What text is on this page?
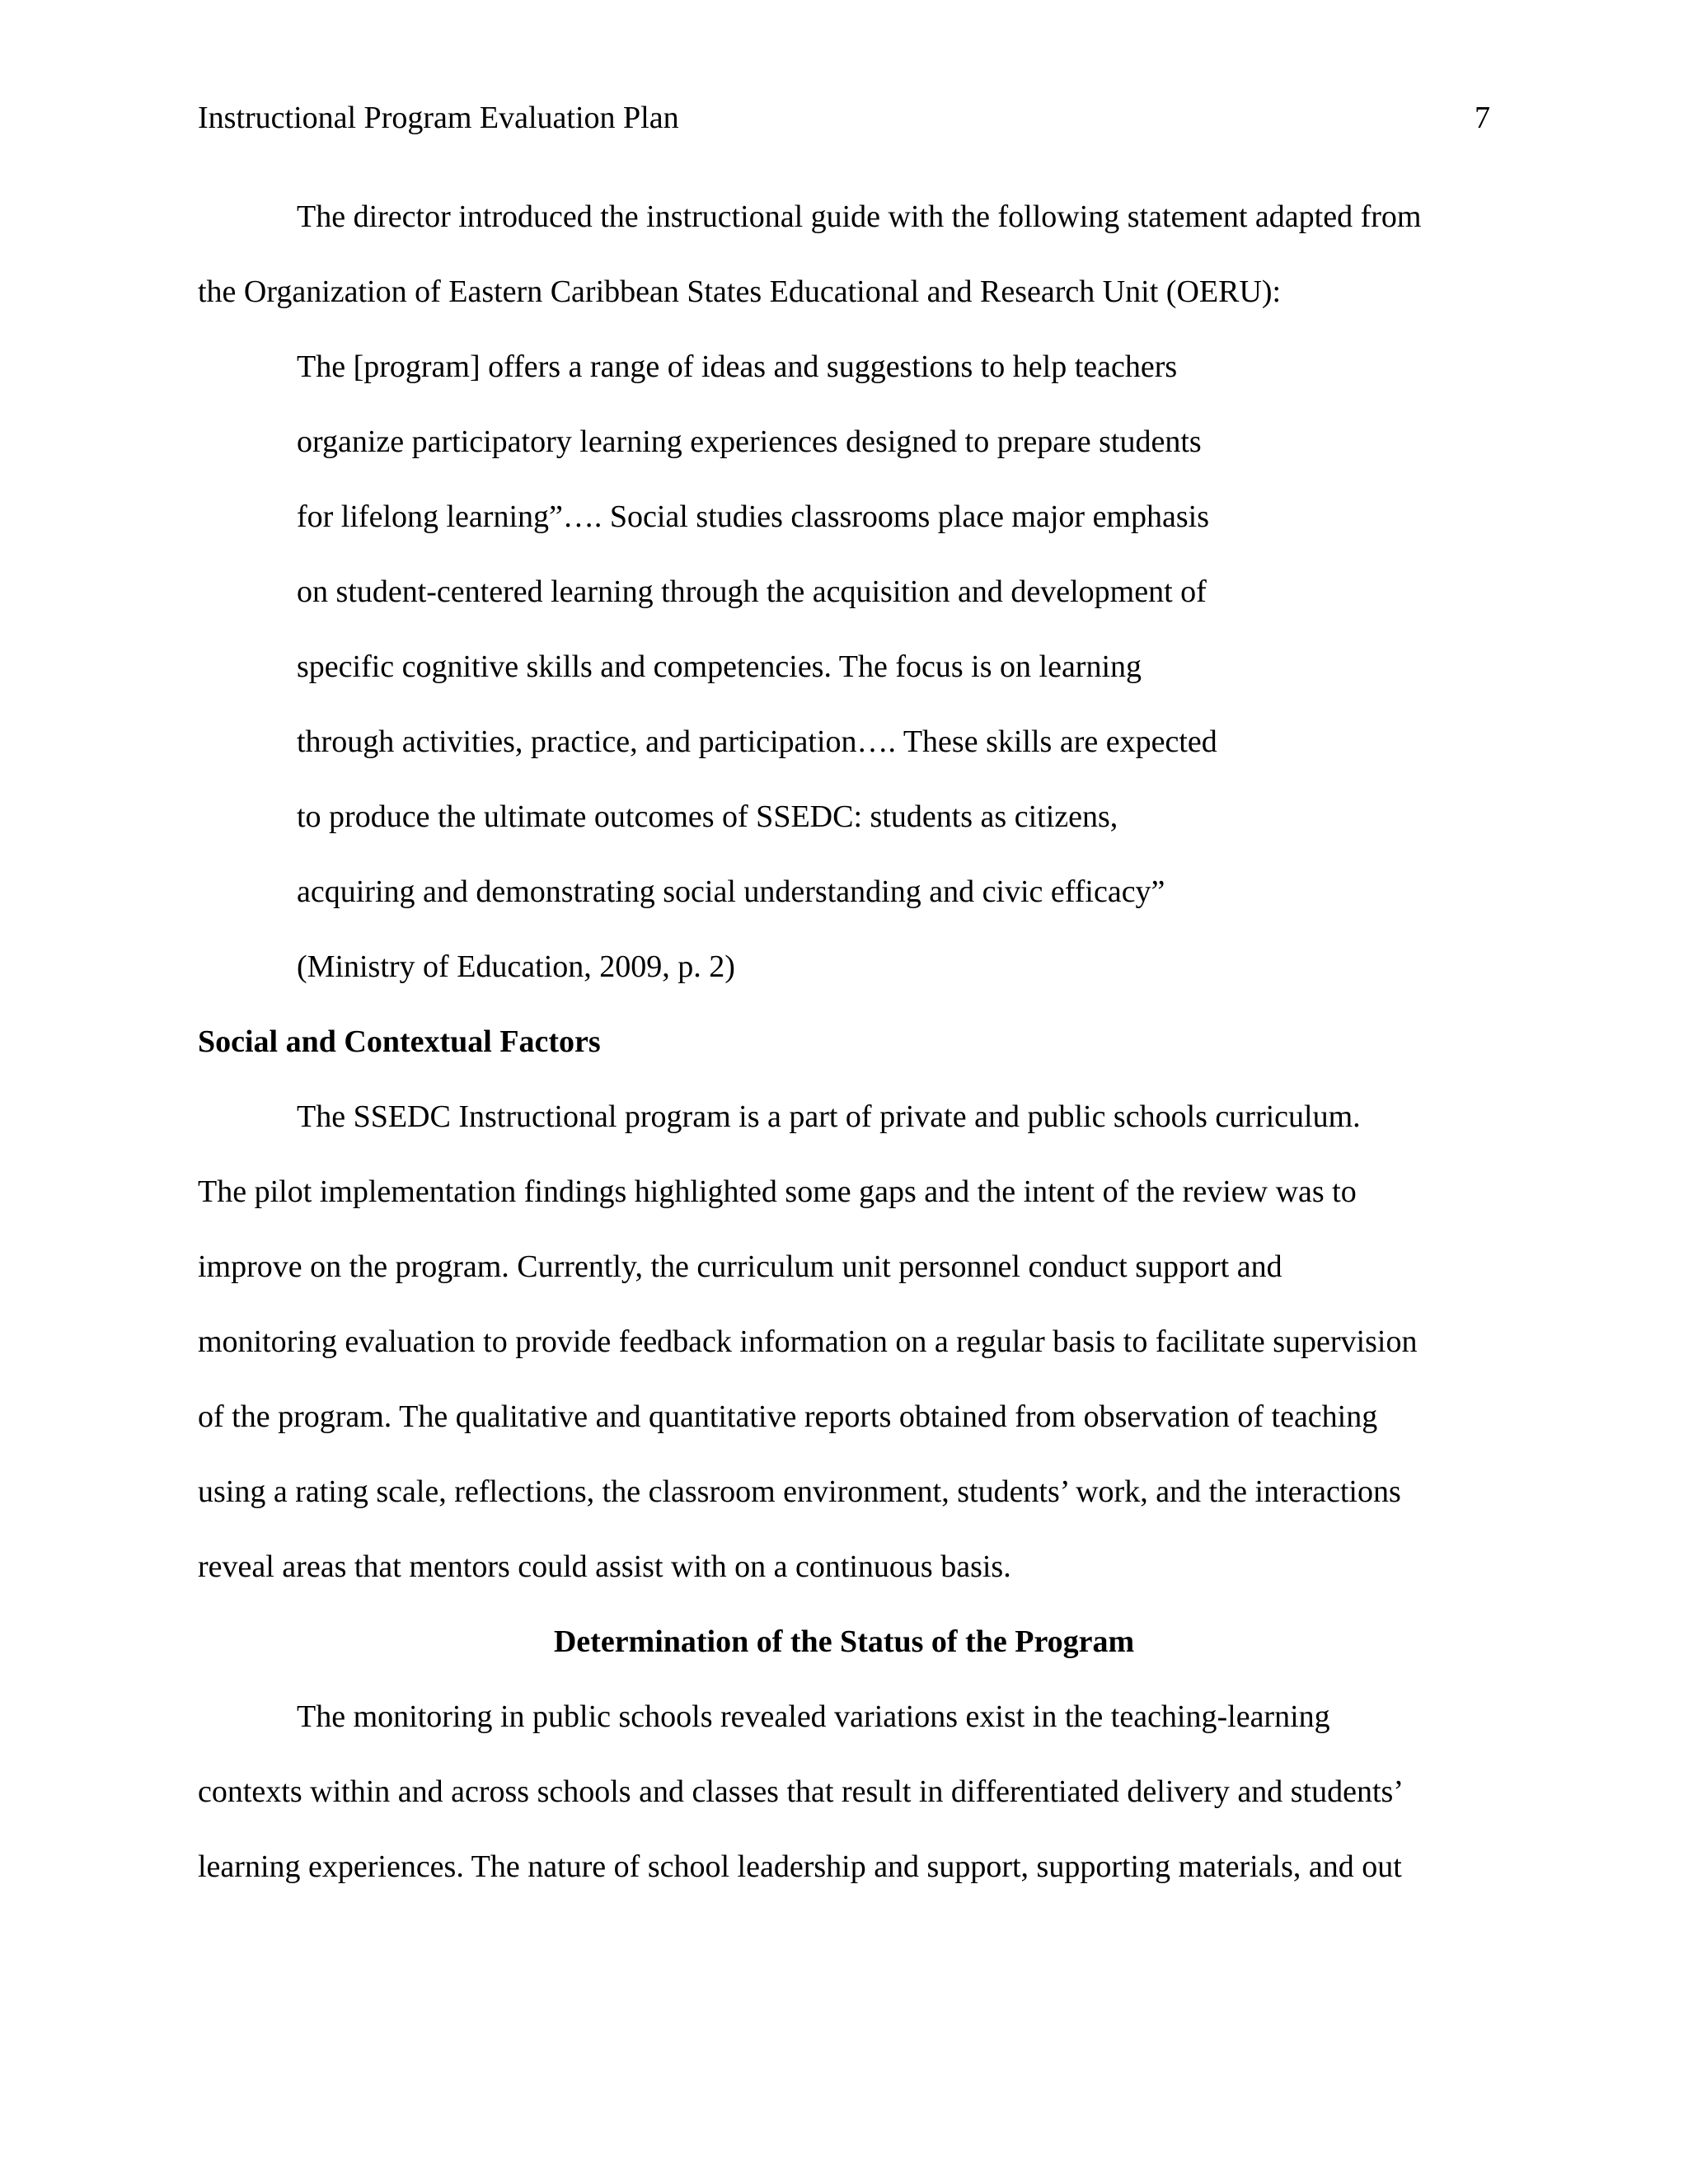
Instructional Program Evaluation Plan	7
The director introduced the instructional guide with the following statement adapted from
the Organization of Eastern Caribbean States Educational and Research Unit (OERU):
The [program] offers a range of ideas and suggestions to help teachers
organize participatory learning experiences designed to prepare students
for lifelong learning”…. Social studies classrooms place major emphasis
on student-centered learning through the acquisition and development of
specific cognitive skills and competencies. The focus is on learning
through activities, practice, and participation…. These skills are expected
to produce the ultimate outcomes of SSEDC: students as citizens,
acquiring and demonstrating social understanding and civic efficacy”
(Ministry of Education, 2009, p. 2)
Social and Contextual Factors
The SSEDC Instructional program is a part of private and public schools curriculum.
The pilot implementation findings highlighted some gaps and the intent of the review was to
improve on the program. Currently, the curriculum unit personnel conduct support and
monitoring evaluation to provide feedback information on a regular basis to facilitate supervision
of the program. The qualitative and quantitative reports obtained from observation of teaching
using a rating scale, reflections, the classroom environment, students’ work, and the interactions
reveal areas that mentors could assist with on a continuous basis.
Determination of the Status of the Program
The monitoring in public schools revealed variations exist in the teaching-learning
contexts within and across schools and classes that result in differentiated delivery and students’
learning experiences. The nature of school leadership and support, supporting materials, and out
